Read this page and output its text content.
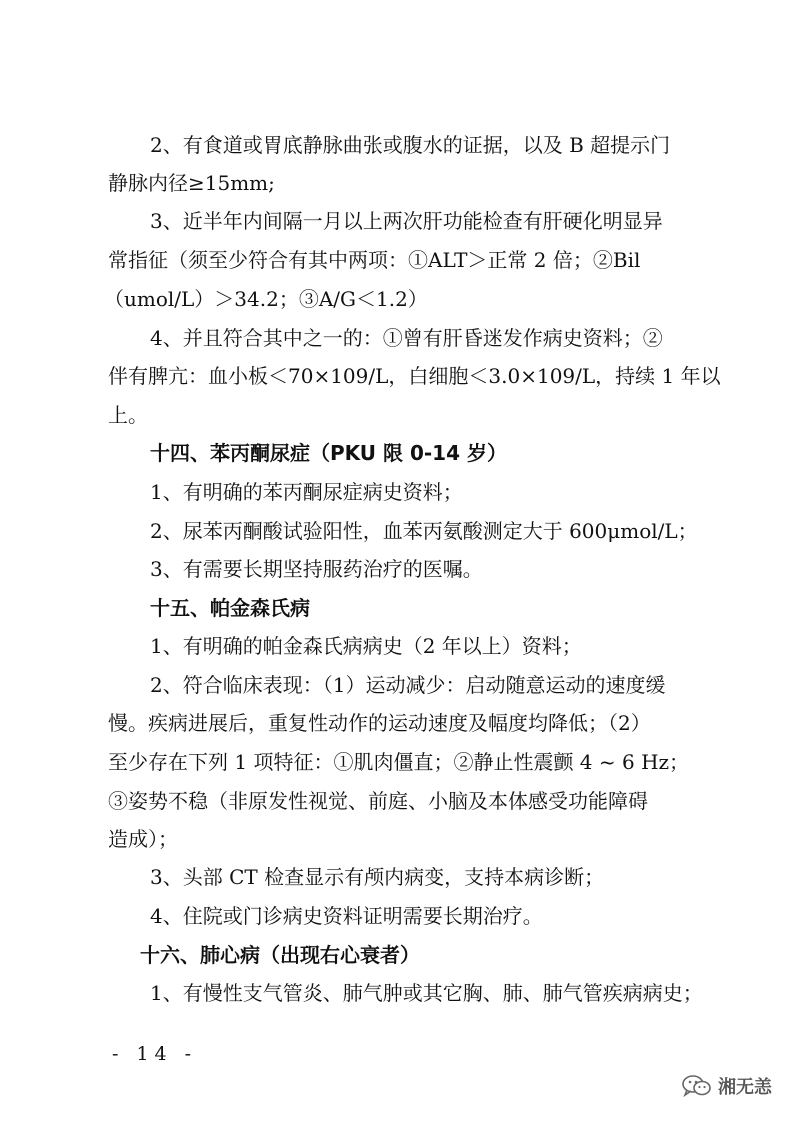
2、有食道或胃底静脉曲张或腹水的证据，以及 B 超提示门
静脉内径≥15mm;
3、近半年内间隔一月以上两次肝功能检查有肝硬化明显异
常指征（须至少符合有其中两项：①ALT＞正常 2 倍；②Bil
（umol/L）＞34.2；③A/G＜1.2）
4、并且符合其中之一的：①曾有肝昏迷发作病史资料；②
伴有脾亢：血小板＜70×109/L，白细胞＜3.0×109/L，持续 1 年以
上。
十四、苯丙酮尿症（PKU 限 0-14 岁）
1、有明确的苯丙酮尿症病史资料；
2、尿苯丙酮酸试验阳性，血苯丙氨酸测定大于 600μmol/L；
3、有需要长期坚持服药治疗的医嘱。
十五、帕金森氏病
1、有明确的帕金森氏病病史（2 年以上）资料；
2、符合临床表现：（1）运动减少：启动随意运动的速度缓
慢。疾病进展后，重复性动作的运动速度及幅度均降低；（2）
至少存在下列 1 项特征：①肌肉僵直；②静止性震颤 4 ~ 6 Hz；
③姿势不稳（非原发性视觉、前庭、小脑及本体感受功能障碍
造成）；
3、头部 CT 检查显示有颅内病变，支持本病诊断；
4、住院或门诊病史资料证明需要长期治疗。
十六、肺心病（出现右心衰者）
1、有慢性支气管炎、肺气肿或其它胸、肺、肺气管疾病病史；
- 14 -
湘无恙
